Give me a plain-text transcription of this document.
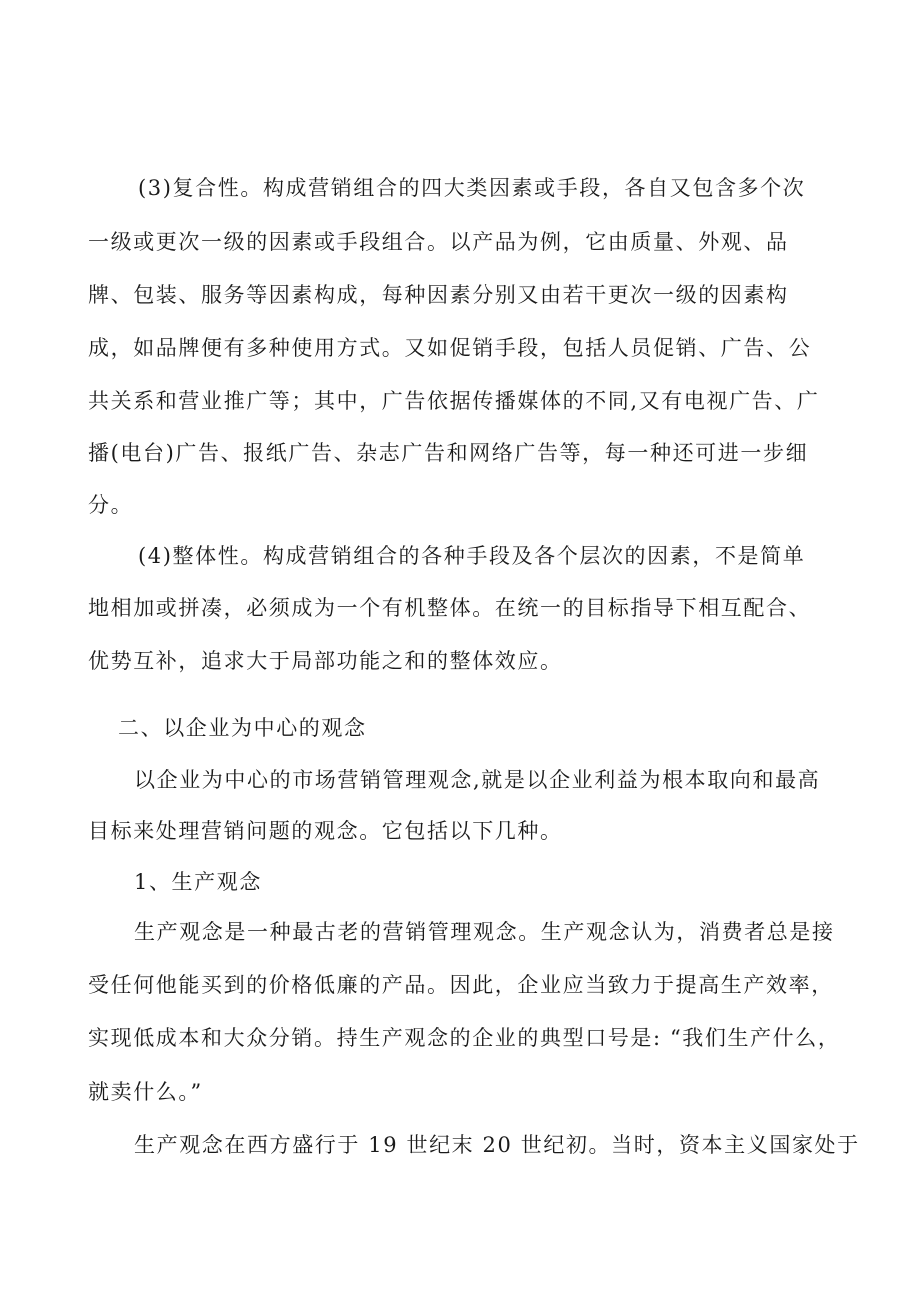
(3)复合性。构成营销组合的四大类因素或手段，各自又包含多个次
一级或更次一级的因素或手段组合。以产品为例，它由质量、外观、品
牌、包装、服务等因素构成，每种因素分别又由若干更次一级的因素构
成，如品牌便有多种使用方式。又如促销手段，包括人员促销、广告、公
共关系和营业推广等；其中，广告依据传播媒体的不同,又有电视广告、广
播(电台)广告、报纸广告、杂志广告和网络广告等，每一种还可进一步细
分。
(4)整体性。构成营销组合的各种手段及各个层次的因素，不是简单
地相加或拼凑，必须成为一个有机整体。在统一的目标指导下相互配合、
优势互补，追求大于局部功能之和的整体效应。
二、以企业为中心的观念
以企业为中心的市场营销管理观念,就是以企业利益为根本取向和最高
目标来处理营销问题的观念。它包括以下几种。
1、生产观念
生产观念是一种最古老的营销管理观念。生产观念认为，消费者总是接
受任何他能买到的价格低廉的产品。因此，企业应当致力于提高生产效率，
实现低成本和大众分销。持生产观念的企业的典型口号是: “我们生产什么，
就卖什么。”
生产观念在西方盛行于 19 世纪末 20 世纪初。当时，资本主义国家处于
